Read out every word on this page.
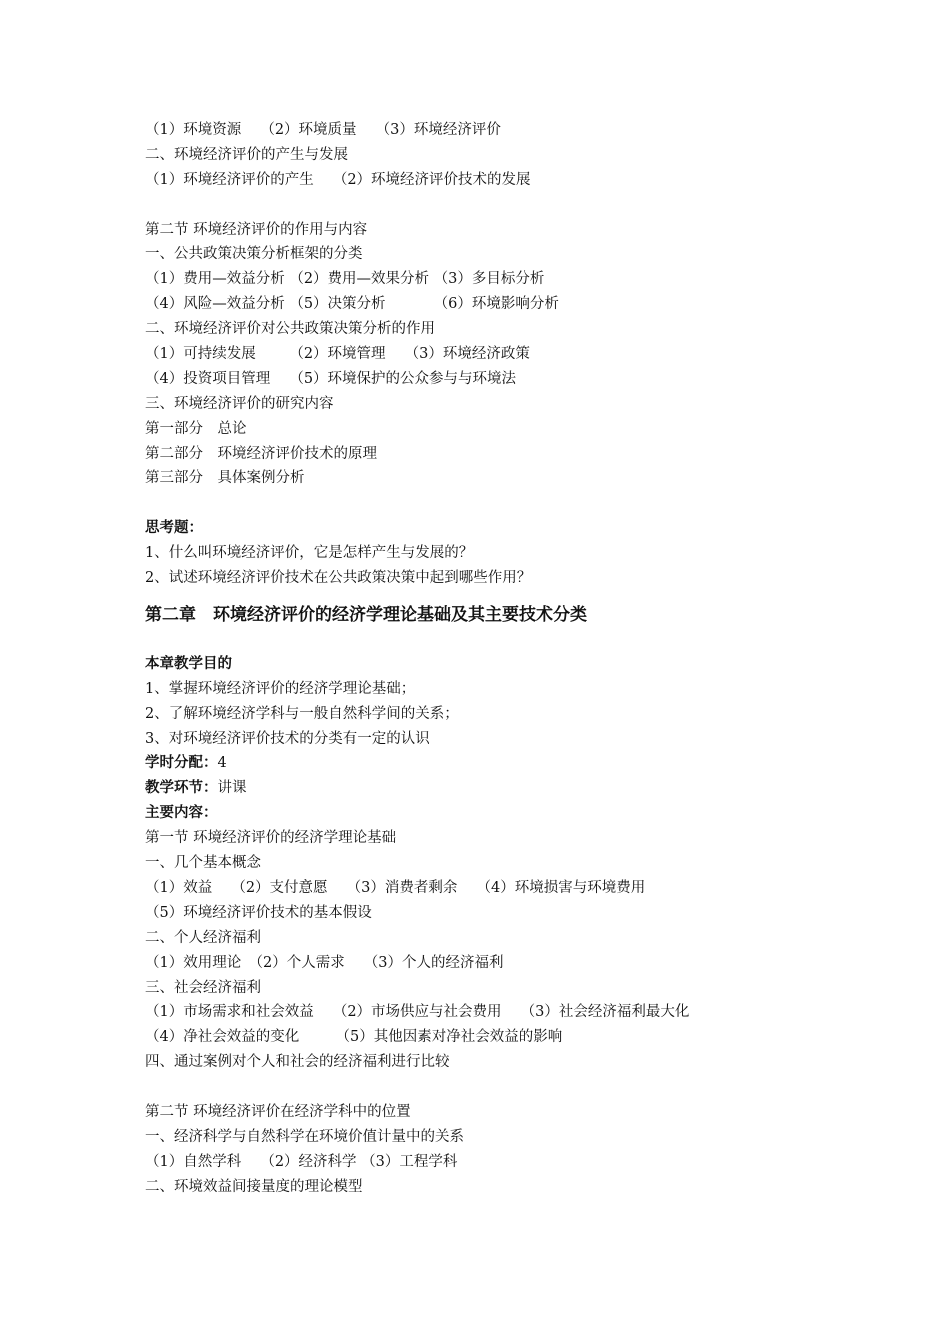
（1）环境资源　 （2）环境质量　 （3）环境经济评价
二、环境经济评价的产生与发展
（1）环境经济评价的产生　 （2）环境经济评价技术的发展
第二节 环境经济评价的作用与内容
一、公共政策决策分析框架的分类
（1）费用—效益分析 （2）费用—效果分析 （3）多目标分析
（4）风险—效益分析 （5）决策分析　　　 （6）环境影响分析
二、环境经济评价对公共政策决策分析的作用
（1）可持续发展　　 （2）环境管理　 （3）环境经济政策
（4）投资项目管理　 （5）环境保护的公众参与与环境法
三、环境经济评价的研究内容
第一部分　总论
第二部分　环境经济评价技术的原理
第三部分　具体案例分析
思考题：
1、什么叫环境经济评价，它是怎样产生与发展的？
2、试述环境经济评价技术在公共政策决策中起到哪些作用？
第二章　环境经济评价的经济学理论基础及其主要技术分类
本章教学目的
1、掌握环境经济评价的经济学理论基础；
2、了解环境经济学科与一般自然科学间的关系；
3、对环境经济评价技术的分类有一定的认识
学时分配：4
教学环节：讲课
主要内容：
第一节 环境经济评价的经济学理论基础
一、几个基本概念
（1）效益　 （2）支付意愿　 （3）消费者剩余　 （4）环境损害与环境费用
（5）环境经济评价技术的基本假设
二、个人经济福利
（1）效用理论　（2）个人需求　 （3）个人的经济福利
三、社会经济福利
（1）市场需求和社会效益　 （2）市场供应与社会费用　 （3）社会经济福利最大化
（4）净社会效益的变化　　　（5）其他因素对净社会效益的影响
四、通过案例对个人和社会的经济福利进行比较
第二节 环境经济评价在经济学科中的位置
一、经济科学与自然科学在环境价值计量中的关系
（1）自然学科　 （2）经济科学 （3）工程学科
二、环境效益间接量度的理论模型
